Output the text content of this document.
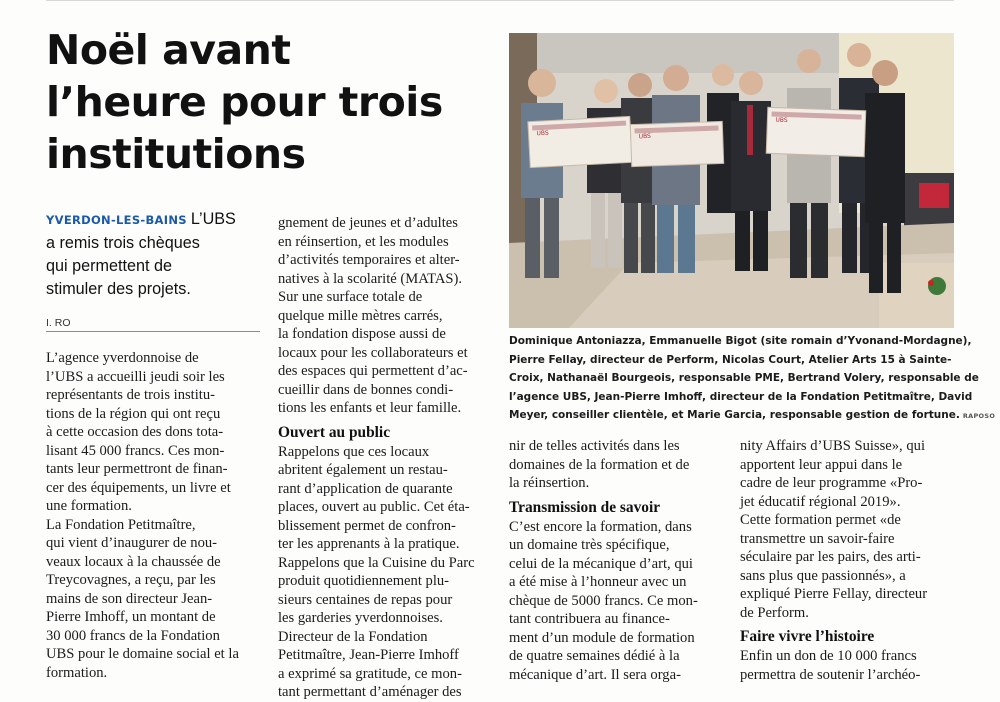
Noël avant
l’heure pour trois
institutions
YVERDON-LES-BAINS L’UBS
a remis trois chèques
qui permettent de
stimuler des projets.
I. RO
L’agence yverdonnoise de
l’UBS a accueilli jeudi soir les
représentants de trois institu-
tions de la région qui ont reçu
à cette occasion des dons tota-
lisant 45 000 francs. Ces mon-
tants leur permettront de finan-
cer des équipements, un livre et
une formation.
La Fondation Petitmaître,
qui vient d’inaugurer de nou-
veaux locaux à la chaussée de
Treycovagnes, a reçu, par les
mains de son directeur Jean-
Pierre Imhoff, un montant de
30 000 francs de la Fondation
UBS pour le domaine social et la
formation.
gnement de jeunes et d’adultes
en réinsertion, et les modules
d’activités temporaires et alter-
natives à la scolarité (MATAS).
Sur une surface totale de
quelque mille mètres carrés,
la fondation dispose aussi de
locaux pour les collaborateurs et
des espaces qui permettent d’ac-
cueillir dans de bonnes condi-
tions les enfants et leur famille.
Ouvert au public
Rappelons que ces locaux
abritent également un restau-
rant d’application de quarante
places, ouvert au public. Cet éta-
blissement permet de confron-
ter les apprenants à la pratique.
Rappelons que la Cuisine du Parc
produit quotidiennement plu-
sieurs centaines de repas pour
les garderies yverdonnoises.
Directeur de la Fondation
Petitmaître, Jean-Pierre Imhoff
a exprimé sa gratitude, ce mon-
tant permettant d’aménager des
nir de telles activités dans les
domaines de la formation et de
la réinsertion.
Transmission de savoir
C’est encore la formation, dans
un domaine très spécifique,
celui de la mécanique d’art, qui
a été mise à l’honneur avec un
chèque de 5000 francs. Ce mon-
tant contribuera au finance-
ment d’un module de formation
de quatre semaines dédié à la
mécanique d’art. Il sera orga-
nity Affairs d’UBS Suisse», qui
apportent leur appui dans le
cadre de leur programme «Pro-
jet éducatif régional 2019».
Cette formation permet «de
transmettre un savoir-faire
séculaire par les pairs, des arti-
sans plus que passionnés», a
expliqué Pierre Fellay, directeur
de Perform.
Faire vivre l’histoire
Enfin un don de 10 000 francs
permettra de soutenir l’archéo-
UBS	UBS
UBS
Dominique Antoniazza, Emmanuelle Bigot (site romain d’Yvonand-Mordagne),
Pierre Fellay, directeur de Perform, Nicolas Court, Atelier Arts 15 à Sainte-
Croix, Nathanaël Bourgeois, responsable PME, Bertrand Volery, responsable de
l’agence UBS, Jean-Pierre Imhoff, directeur de la Fondation Petitmaître, David
Meyer, conseiller clientèle, et Marie Garcia, responsable gestion de fortune. RAPOSO
